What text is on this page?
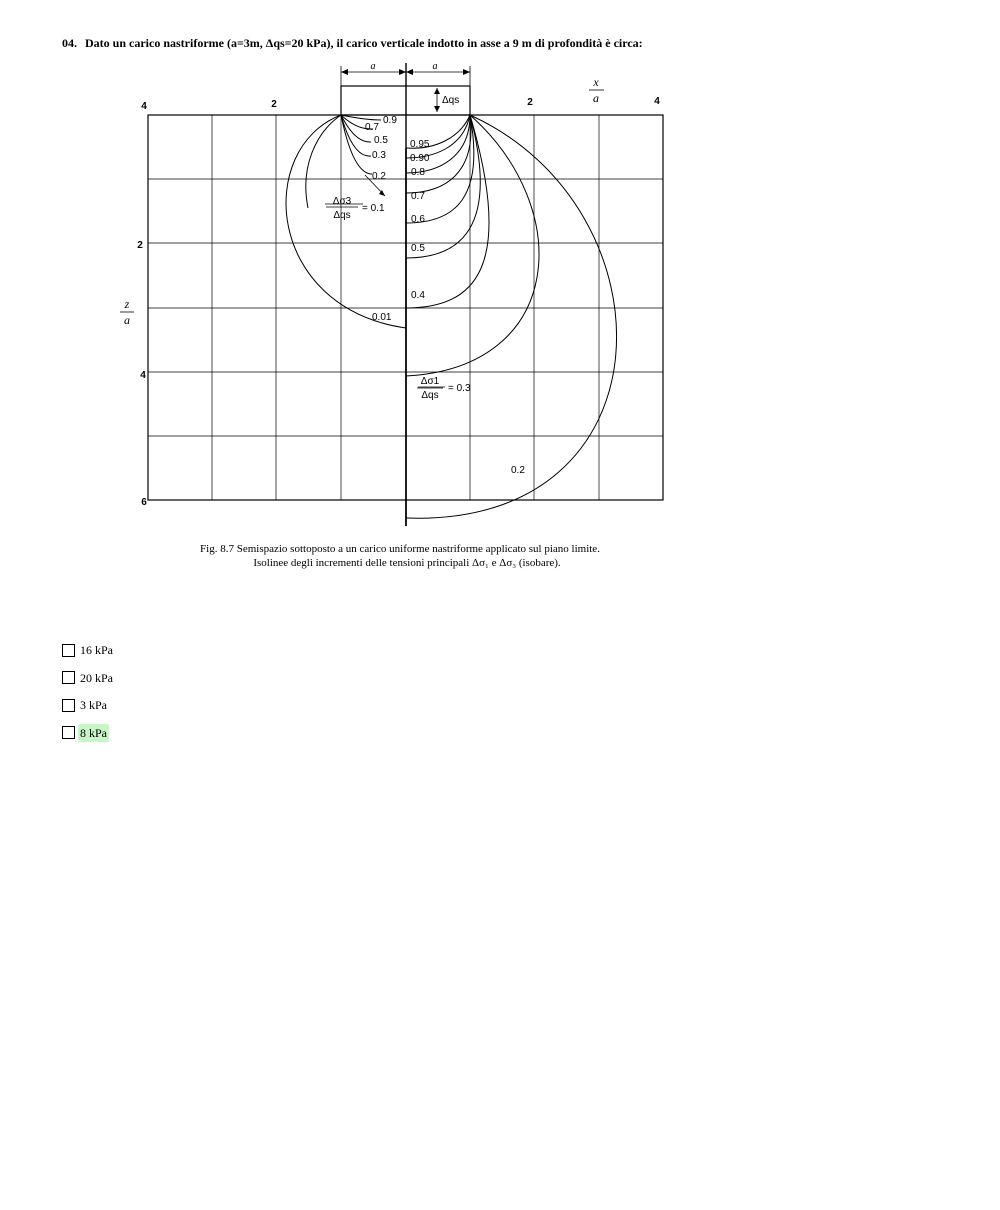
04. Dato un carico nastriforme (a=3m, Δqs=20 kPa), il carico verticale indotto in asse a 9 m di profondità è circa:
4	2	2	4
2
4
6
x
a
z
a
a	a
Δqs
0.9
0.7
0.5
0.3
0.2
0.01
0.95
0.90
0.8
0.7
0.6
0.5
0.4
0.2
Δσ3
Δqs
= 0.1
Δσ1
Δqs
= 0.3
Fig. 8.7 Semispazio sottoposto a un carico uniforme nastriforme applicato sul piano limite.
Isolinee degli incrementi delle tensioni principali Δσ₁ e Δσ₃ (isobare).
16 kPa
20 kPa
3 kPa
8 kPa
